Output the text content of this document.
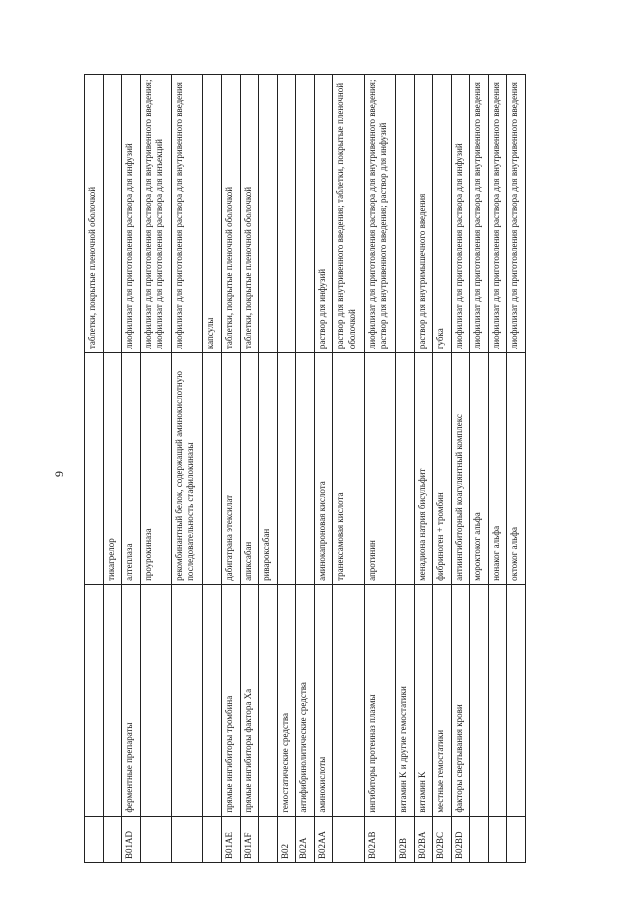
9
			таблетки, покрытые пленочной оболочкой
		тикагрелор	
B01AD	ферментные препараты	алтеплаза	лиофилизат для приготовления раствора для инфузий
		проурокиназа	лиофилизат для приготовления раствора для внутривенного введения; лиофилизат для приготовления раствора для инъекций
		рекомбинантный белок, содержащий аминокислотную последовательность стафилокиназы	лиофилизат для приготовления раствора для внутривенного введения
			капсулы
B01AE	прямые ингибиторы тромбина	дабигатрана этексилат	таблетки, покрытые пленочной оболочкой
B01AF	прямые ингибиторы фактора Xa	апиксабан	таблетки, покрытые пленочной оболочкой
		ривароксабан	
B02	гемостатические средства		
B02A	антифибринолитические средства		
B02AA	аминокислоты	аминокапроновая кислота	раствор для инфузий
		транексамовая кислота	раствор для внутривенного введения; таблетки, покрытые пленочной оболочкой
B02AB	ингибиторы протеиназ плазмы	апротинин	лиофилизат для приготовления раствора для внутривенного введения; раствор для внутривенного введения; раствор для инфузий
B02B	витамин K и другие гемостатики		
B02BA	витамин K	менадиона натрия бисульфит	раствор для внутримышечного введения
B02BC	местные гемостатики	фибриноген + тромбин	губка
B02BD	факторы свертывания крови	антиингибиторный коагулянтный комплекс	лиофилизат для приготовления раствора для инфузий
		мороктоког альфа	лиофилизат для приготовления раствора для внутривенного введения
		нонаког альфа	лиофилизат для приготовления раствора для внутривенного введения
		октоког альфа	лиофилизат для приготовления раствора для внутривенного введения
